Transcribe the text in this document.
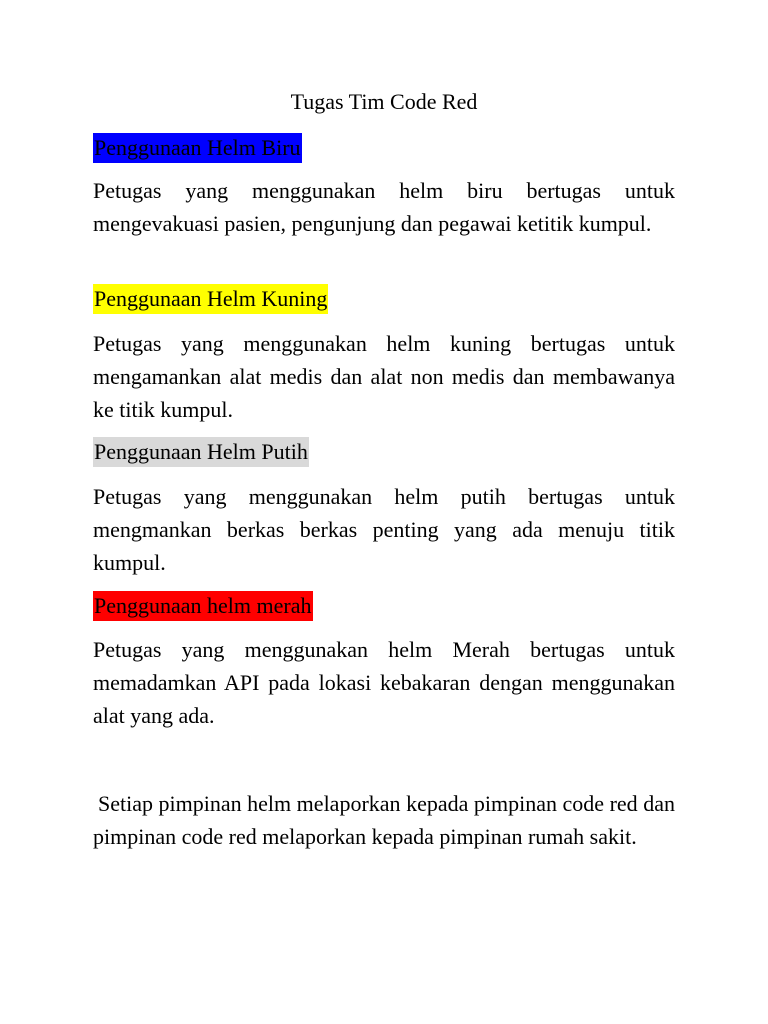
Tugas Tim Code Red

Penggunaan Helm Biru

Petugas yang menggunakan helm biru bertugas untuk mengevakuasi pasien, pengunjung dan pegawai ketitik kumpul.

Penggunaan Helm Kuning

Petugas yang menggunakan helm kuning bertugas untuk mengamankan alat medis dan alat non medis dan membawanya ke titik kumpul.

Penggunaan Helm Putih

Petugas yang menggunakan helm putih bertugas untuk mengmankan berkas berkas penting yang ada menuju titik kumpul.

Penggunaan helm merah

Petugas yang menggunakan helm Merah bertugas untuk memadamkan API pada lokasi kebakaran dengan menggunakan alat yang ada.

Setiap pimpinan helm melaporkan kepada pimpinan code red dan pimpinan code red melaporkan kepada pimpinan rumah sakit.
